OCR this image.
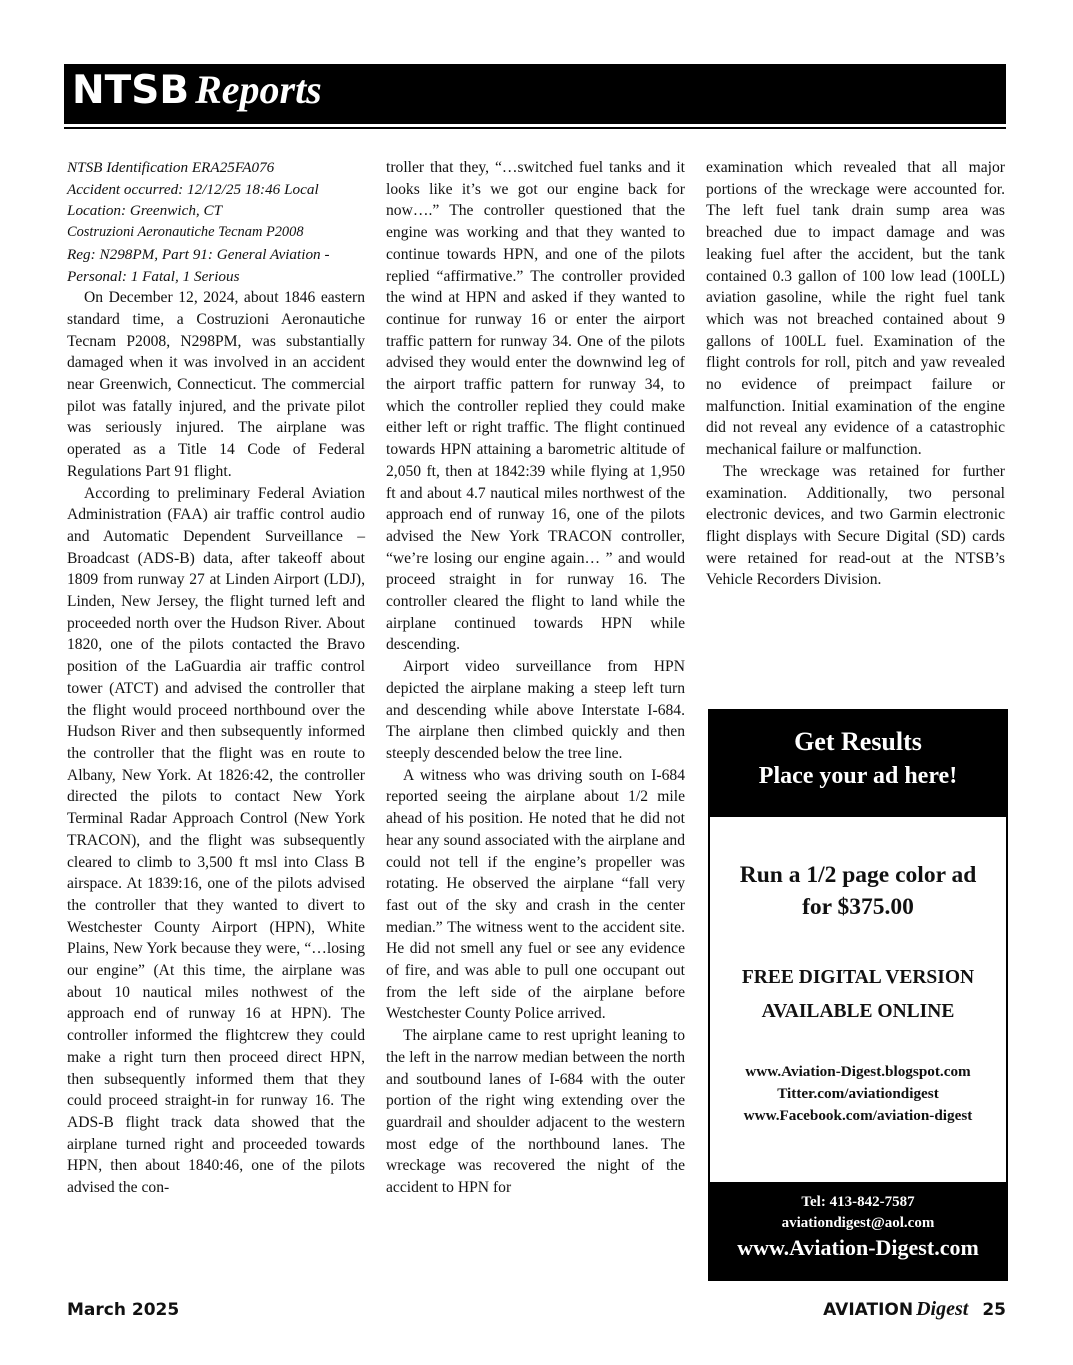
NTSB Reports

NTSB Identification ERA25FA076

Accident occurred: 12/12/25 18:46 Local

Location: Greenwich, CT

Costruzioni Aeronautiche Tecnam P2008

Reg: N298PM, Part 91: General Aviation -

Personal: 1 Fatal, 1 Serious

On December 12, 2024, about 1846 eastern standard time, a Costruzioni Aeronautiche Tecnam P2008, N298PM, was substantially damaged when it was involved in an accident near Greenwich, Connecticut. The commercial pilot was fatally injured, and the private pilot was seriously injured. The airplane was operated as a Title 14 Code of Federal Regulations Part 91 flight.

According to preliminary Federal Aviation Administration (FAA) air traffic control audio and Automatic Dependent Surveillance – Broadcast (ADS-B) data, after takeoff about 1809 from runway 27 at Linden Airport (LDJ), Linden, New Jersey, the flight turned left and proceeded north over the Hudson River. About 1820, one of the pilots contacted the Bravo position of the LaGuardia air traffic control tower (ATCT) and advised the controller that the flight would proceed northbound over the Hudson River and then subsequently informed the controller that the flight was en route to Albany, New York. At 1826:42, the controller directed the pilots to contact New York Terminal Radar Approach Control (New York TRACON), and the flight was subsequently cleared to climb to 3,500 ft msl into Class B airspace. At 1839:16, one of the pilots advised the controller that they wanted to divert to Westchester County Airport (HPN), White Plains, New York because they were, “…losing our engine” (At this time, the airplane was about 10 nautical miles nothwest of the approach end of runway 16 at HPN). The controller informed the flightcrew they could make a right turn then proceed direct HPN, then subsequently informed them that they could proceed straight-in for runway 16. The ADS-B flight track data showed that the airplane turned right and proceeded towards HPN, then about 1840:46, one of the pilots advised the con-

troller that they, “…switched fuel tanks and it looks like it’s we got our engine back for now….” The controller questioned that the engine was working and that they wanted to continue towards HPN, and one of the pilots replied “affirmative.” The controller provided the wind at HPN and asked if they wanted to continue for runway 16 or enter the airport traffic pattern for runway 34. One of the pilots advised they would enter the downwind leg of the airport traffic pattern for runway 34, to which the controller replied they could make either left or right traffic. The flight continued towards HPN attaining a barometric altitude of 2,050 ft, then at 1842:39 while flying at 1,950 ft and about 4.7 nautical miles northwest of the approach end of runway 16, one of the pilots advised the New York TRACON controller, “we’re losing our engine again… ” and would proceed straight in for runway 16. The controller cleared the flight to land while the airplane continued towards HPN while descending.

Airport video surveillance from HPN depicted the airplane making a steep left turn and descending while above Interstate I-684. The airplane then climbed quickly and then steeply descended below the tree line.

A witness who was driving south on I-684 reported seeing the airplane about 1/2 mile ahead of his position. He noted that he did not hear any sound associated with the airplane and could not tell if the engine’s propeller was rotating. He observed the airplane “fall very fast out of the sky and crash in the center median.” The witness went to the accident site. He did not smell any fuel or see any evidence of fire, and was able to pull one occupant out from the left side of the airplane before Westchester County Police arrived.

The airplane came to rest upright leaning to the left in the narrow median between the north and soutbound lanes of I-684 with the outer portion of the right wing extending over the guardrail and shoulder adjacent to the western most edge of the northbound lanes. The wreckage was recovered the night of the accident to HPN for

examination which revealed that all major portions of the wreckage were accounted for. The left fuel tank drain sump area was breached due to impact damage and was leaking fuel after the accident, but the tank contained 0.3 gallon of 100 low lead (100LL) aviation gasoline, while the right fuel tank which was not breached contained about 9 gallons of 100LL fuel. Examination of the flight controls for roll, pitch and yaw revealed no evidence of preimpact failure or malfunction. Initial examination of the engine did not reveal any evidence of a catastrophic mechanical failure or malfunction.

The wreckage was retained for further examination. Additionally, two personal electronic devices, and two Garmin electronic flight displays with Secure Digital (SD) cards were retained for read-out at the NTSB’s Vehicle Recorders Division.

Get Results
Place your ad here!
Run a 1/2 page color ad
for $375.00
FREE DIGITAL VERSION
AVAILABLE ONLINE
www.Aviation-Digest.blogspot.com
Titter.com/aviationdigest
www.Facebook.com/aviation-digest
Tel: 413-842-7587
aviationdigest@aol.com
www.Aviation-Digest.com
March 2025	AVIATION Digest 25
